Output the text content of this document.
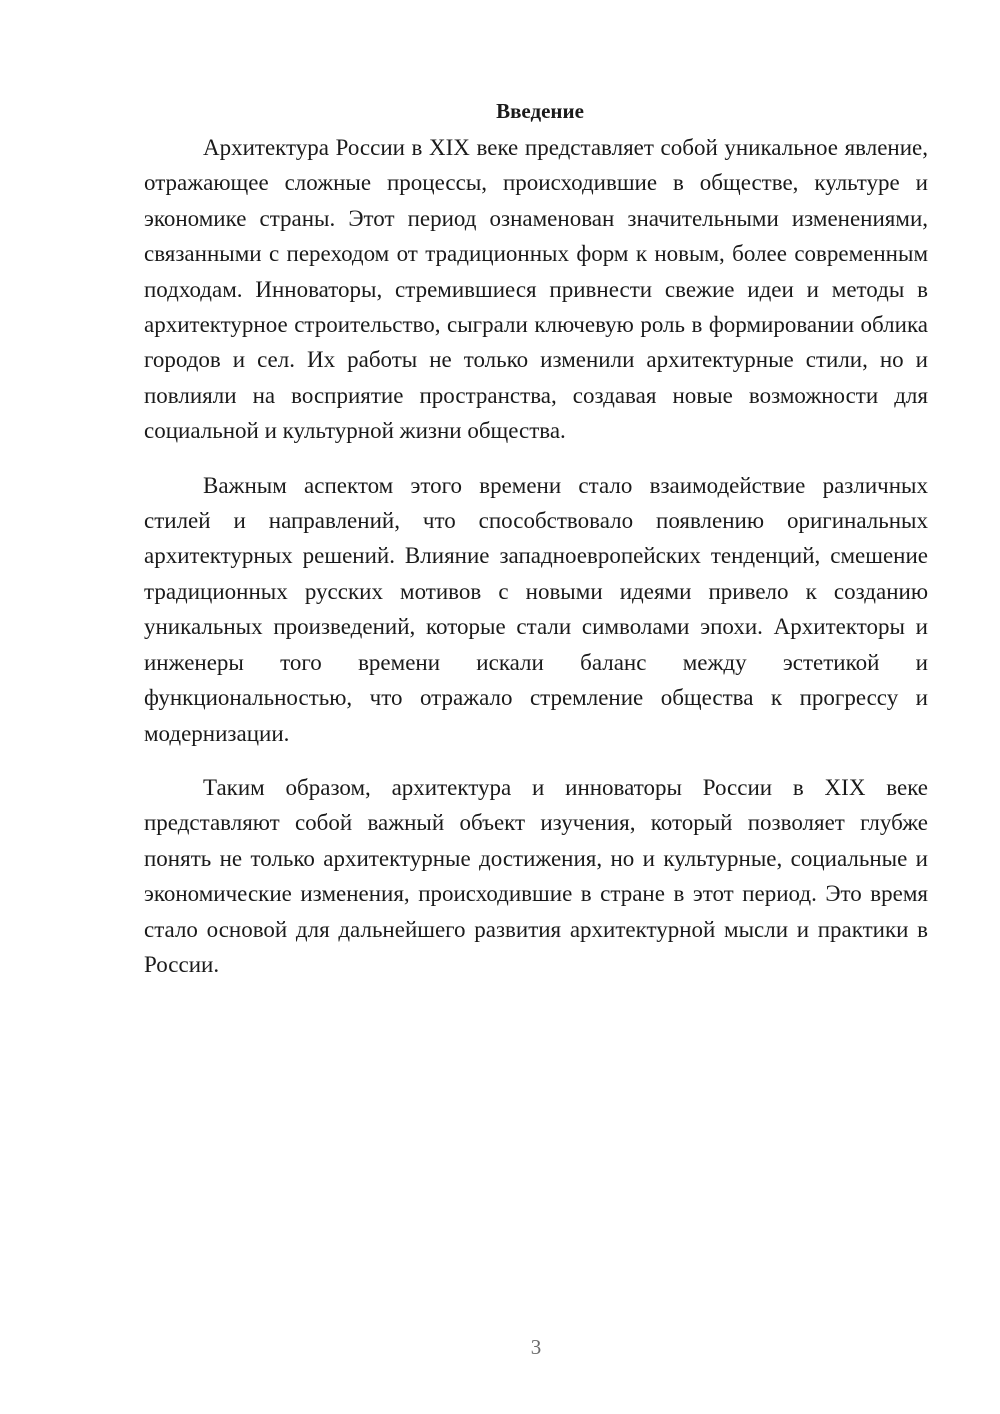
Введение

Архитектура России в XIX веке представляет собой уникальное явление, отражающее сложные процессы, происходившие в обществе, культуре и экономике страны. Этот период ознаменован значительными изменениями, связанными с переходом от традиционных форм к новым, более современным подходам. Инноваторы, стремившиеся привнести свежие идеи и методы в архитектурное строительство, сыграли ключевую роль в формировании облика городов и сел. Их работы не только изменили архитектурные стили, но и повлияли на восприятие пространства, создавая новые возможности для социальной и культурной жизни общества.

Важным аспектом этого времени стало взаимодействие различных стилей и направлений, что способствовало появлению оригинальных архитектурных решений. Влияние западноевропейских тенденций, смешение традиционных русских мотивов с новыми идеями привело к созданию уникальных произведений, которые стали символами эпохи. Архитекторы и инженеры того времени искали баланс между эстетикой и функциональностью, что отражало стремление общества к прогрессу и модернизации.

Таким образом, архитектура и инноваторы России в XIX веке представляют собой важный объект изучения, который позволяет глубже понять не только архитектурные достижения, но и культурные, социальные и экономические изменения, происходившие в стране в этот период. Это время стало основой для дальнейшего развития архитектурной мысли и практики в России.

3
